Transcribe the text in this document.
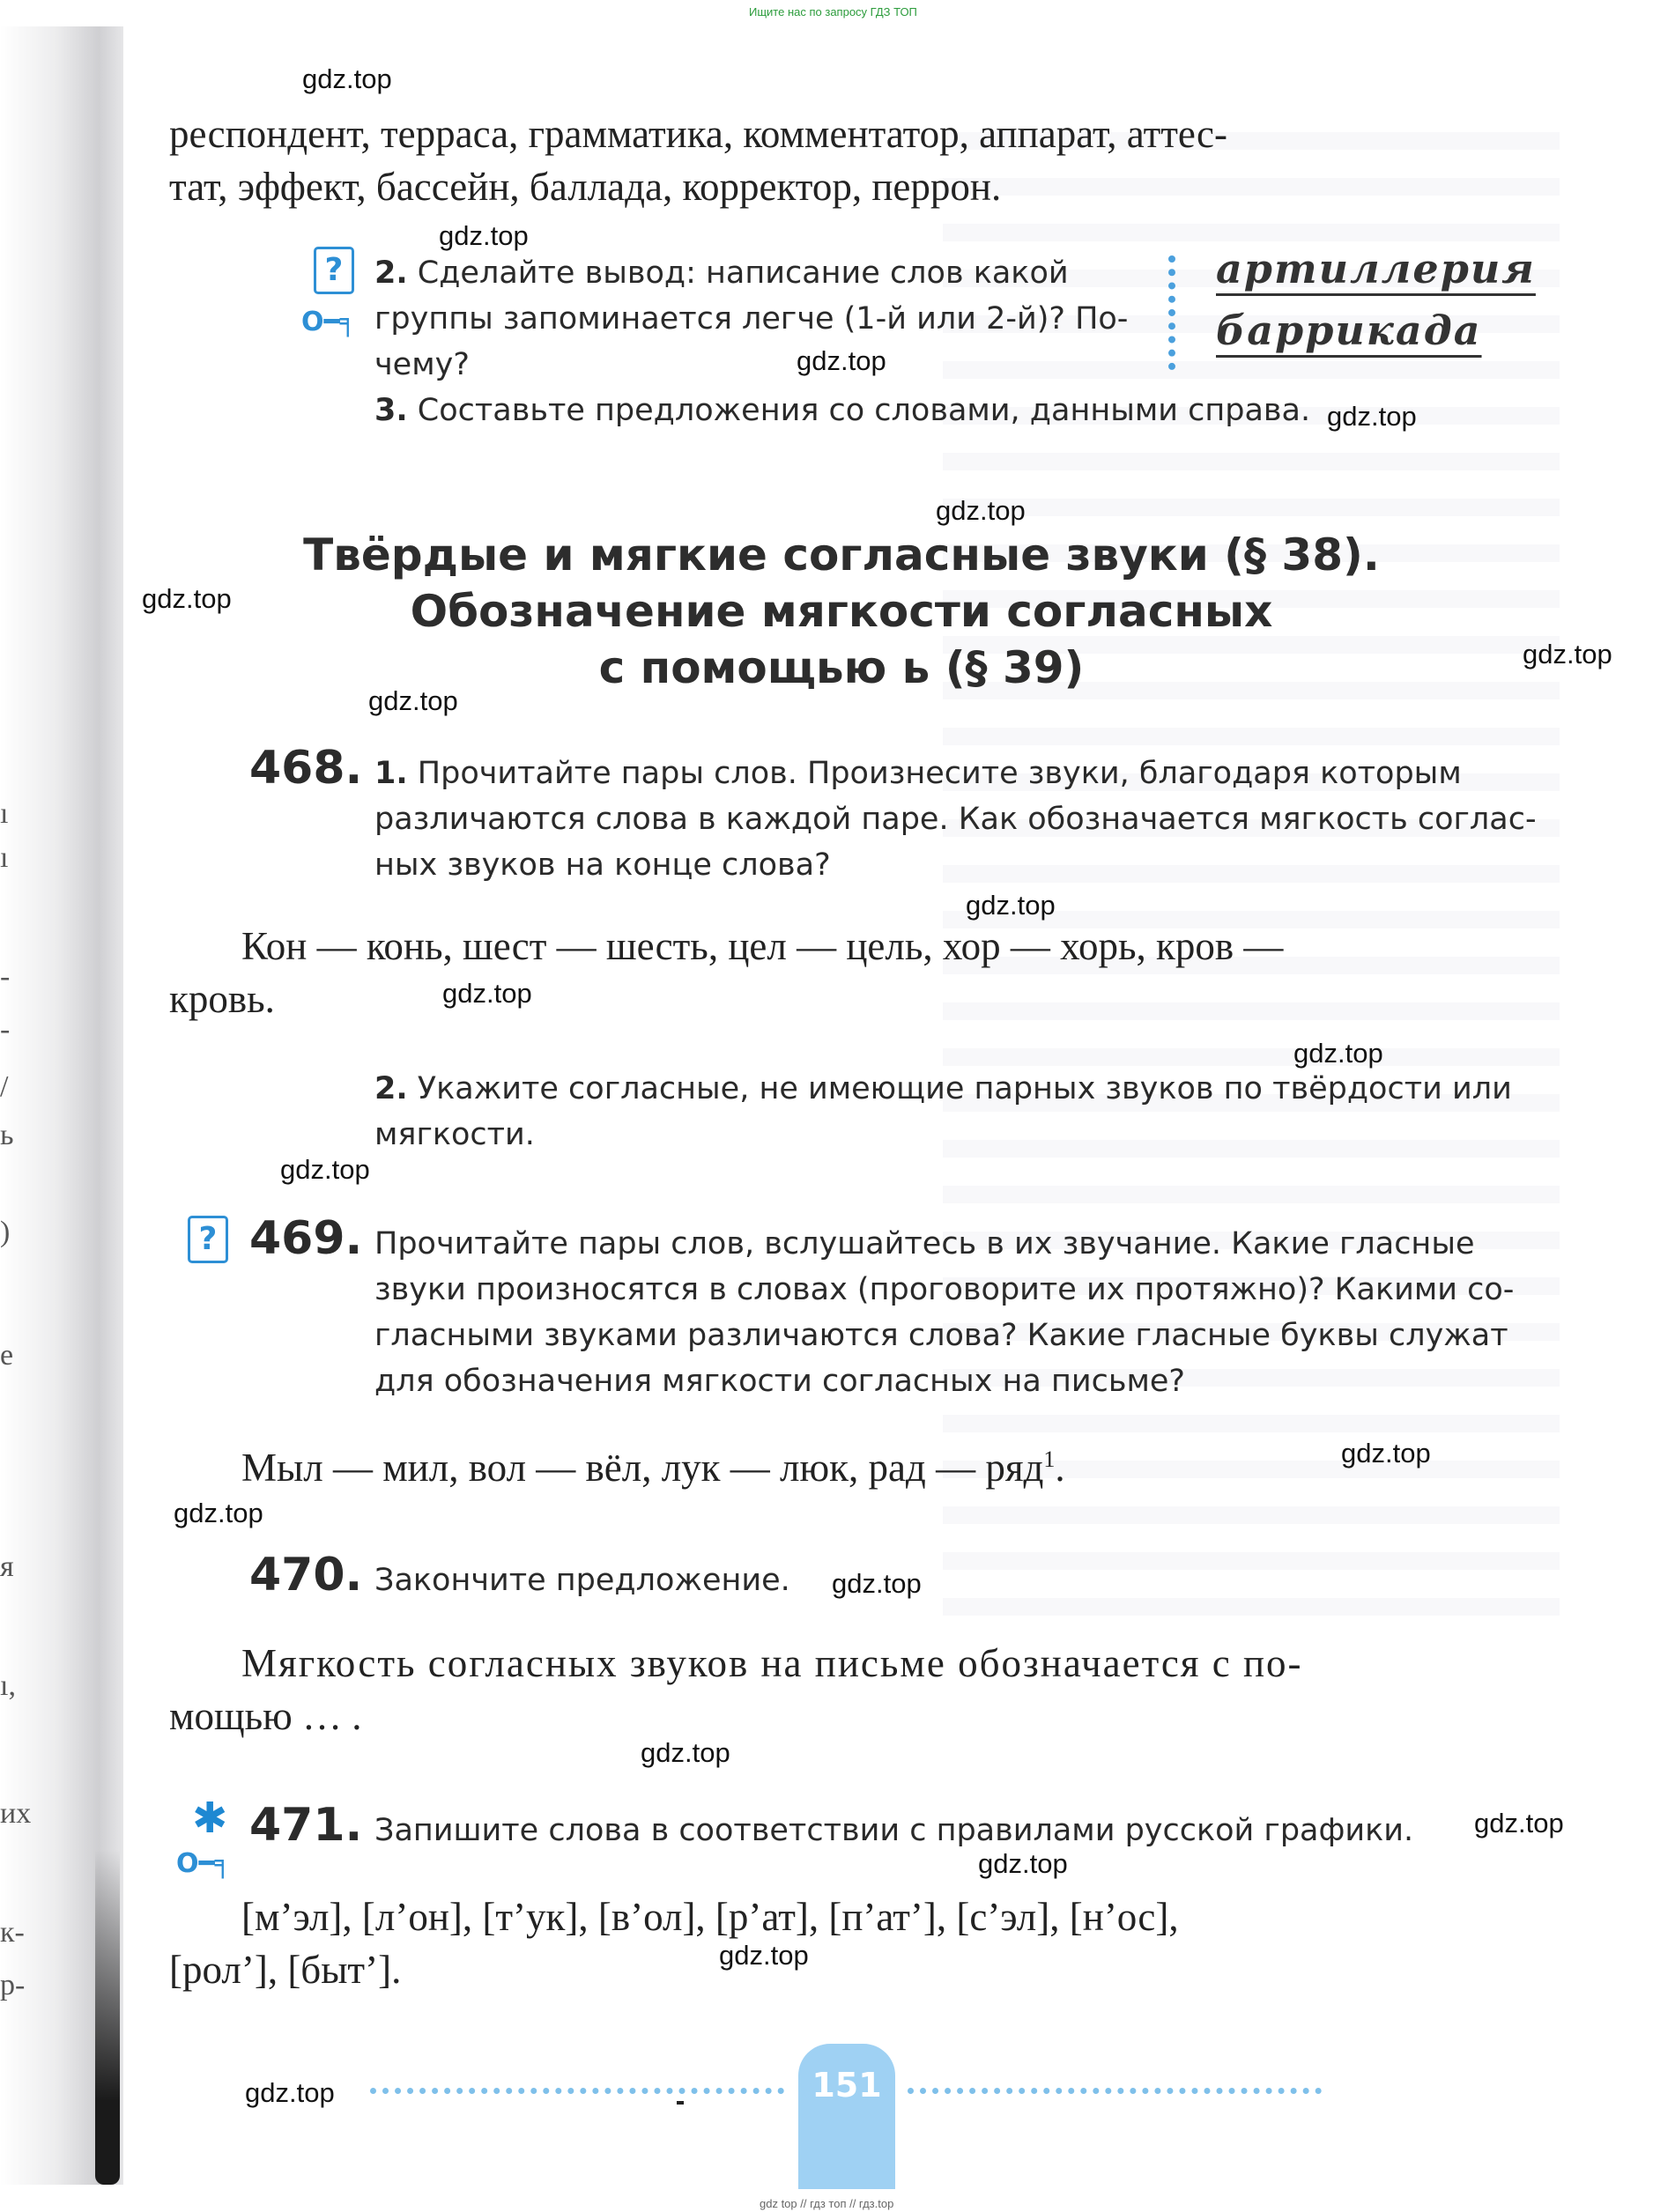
Ищите нас по запросу ГДЗ ТОП
ı
ı
-
-
/
ь
)
е
я
ı,
их
к-
р-
респондент, терраса, грамматика, комментатор, аппарат, аттес-
тат, эффект, бассейн, баллада, корректор, перрон.
?
О━╕
2. Сделайте вывод: написание слов какой
группы запоминается легче (1-й или 2-й)? По-
чему?
3. Составьте предложения со словами, данными справа.
артиллерия
баррикада
Твёрдые и мягкие согласные звуки (§ 38).
Обозначение мягкости согласных
с помощью ь (§ 39)
468. 1. Прочитайте пары слов. Произнесите звуки, благодаря которым
различаются слова в каждой паре. Как обозначается мягкость соглас-
ных звуков на конце слова?
Кон — конь, шест — шесть, цел — цель, хор — хорь, кров —
кровь.
2. Укажите согласные, не имеющие парных звуков по твёрдости или
мягкости.
? 469. Прочитайте пары слов, вслушайтесь в их звучание. Какие гласные
звуки произносятся в словах (проговорите их протяжно)? Какими со-
гласными звуками различаются слова? Какие гласные буквы служат
для обозначения мягкости согласных на письме?
Мыл — мил, вол — вёл, лук — люк, рад — ряд$^1$.
470. Закончите предложение.
Мягкость согласных звуков на письме обозначается с по-
мощью … .
✱
О━╕
471. Запишите слова в соответствии с правилами русской графики.
[м’эл], [л’он], [т’ук], [в’ол], [р’ат], [п’ат’], [с’эл], [н’ос],
[рол’], [быт’].
151
gdz top // гдз топ // гдз.top
gdz.top
gdz.top
gdz.top
gdz.top
gdz.top
gdz.top
gdz.top
gdz.top
gdz.top
gdz.top
gdz.top
gdz.top
gdz.top
gdz.top
gdz.top
gdz.top
gdz.top
gdz.top
gdz.top
gdz.top
